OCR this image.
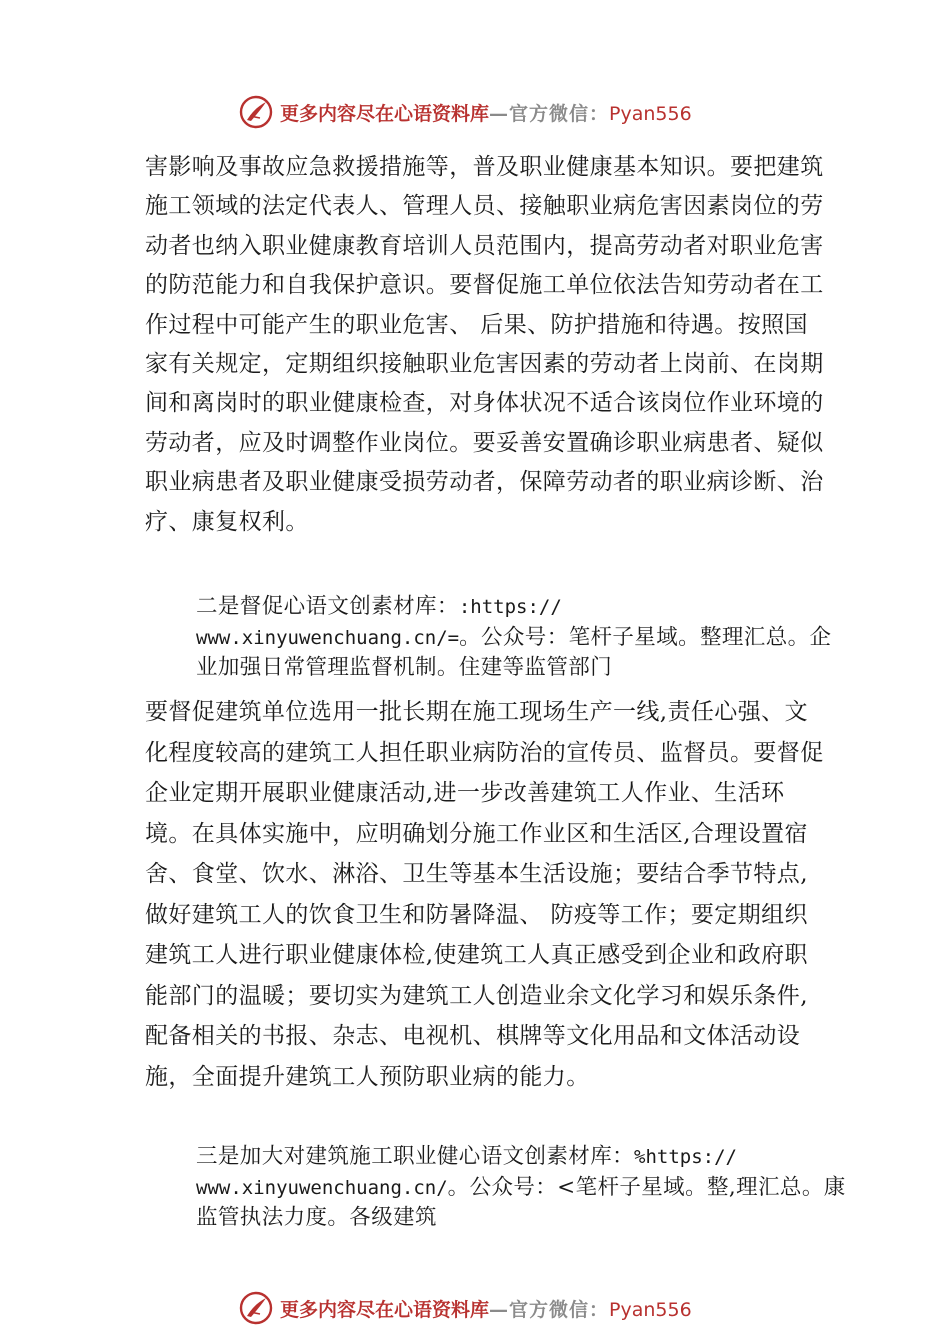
更多内容尽在心语资料库—官方微信：Pyan556

害影响及事故应急救援措施等，普及职业健康基本知识。要把建筑施工领域的法定代表人、管理人员、接触职业病危害因素岗位的劳动者也纳入职业健康教育培训人员范围内，提高劳动者对职业危害的防范能力和自我保护意识。要督促施工单位依法告知劳动者在工作过程中可能产生的职业危害、 后果、防护措施和待遇。按照国家有关规定，定期组织接触职业危害因素的劳动者上岗前、在岗期间和离岗时的职业健康检查，对身体状况不适合该岗位作业环境的劳动者，应及时调整作业岗位。要妥善安置确诊职业病患者、疑似职业病患者及职业健康受损劳动者，保障劳动者的职业病诊断、治疗、康复权利。

二是督促心语文创素材库：:https://
www.xinyuwenchuang.cn/=。公众号：笔杆子星域。整理汇总。企业加强日常管理监督机制。住建等监管部门

要督促建筑单位选用一批长期在施工现场生产一线,责任心强、文化程度较高的建筑工人担任职业病防治的宣传员、监督员。要督促企业定期开展职业健康活动,进一步改善建筑工人作业、生活环境。在具体实施中，应明确划分施工作业区和生活区,合理设置宿舍、食堂、饮水、淋浴、卫生等基本生活设施；要结合季节特点,做好建筑工人的饮食卫生和防暑降温、 防疫等工作；要定期组织建筑工人进行职业健康体检,使建筑工人真正感受到企业和政府职能部门的温暖；要切实为建筑工人创造业余文化学习和娱乐条件,配备相关的书报、杂志、电视机、棋牌等文化用品和文体活动设施，全面提升建筑工人预防职业病的能力。

三是加大对建筑施工职业健心语文创素材库：%https://
www.xinyuwenchuang.cn/。公众号：<笔杆子星域。整,理汇总。康监管执法力度。各级建筑

更多内容尽在心语资料库—官方微信：Pyan556
